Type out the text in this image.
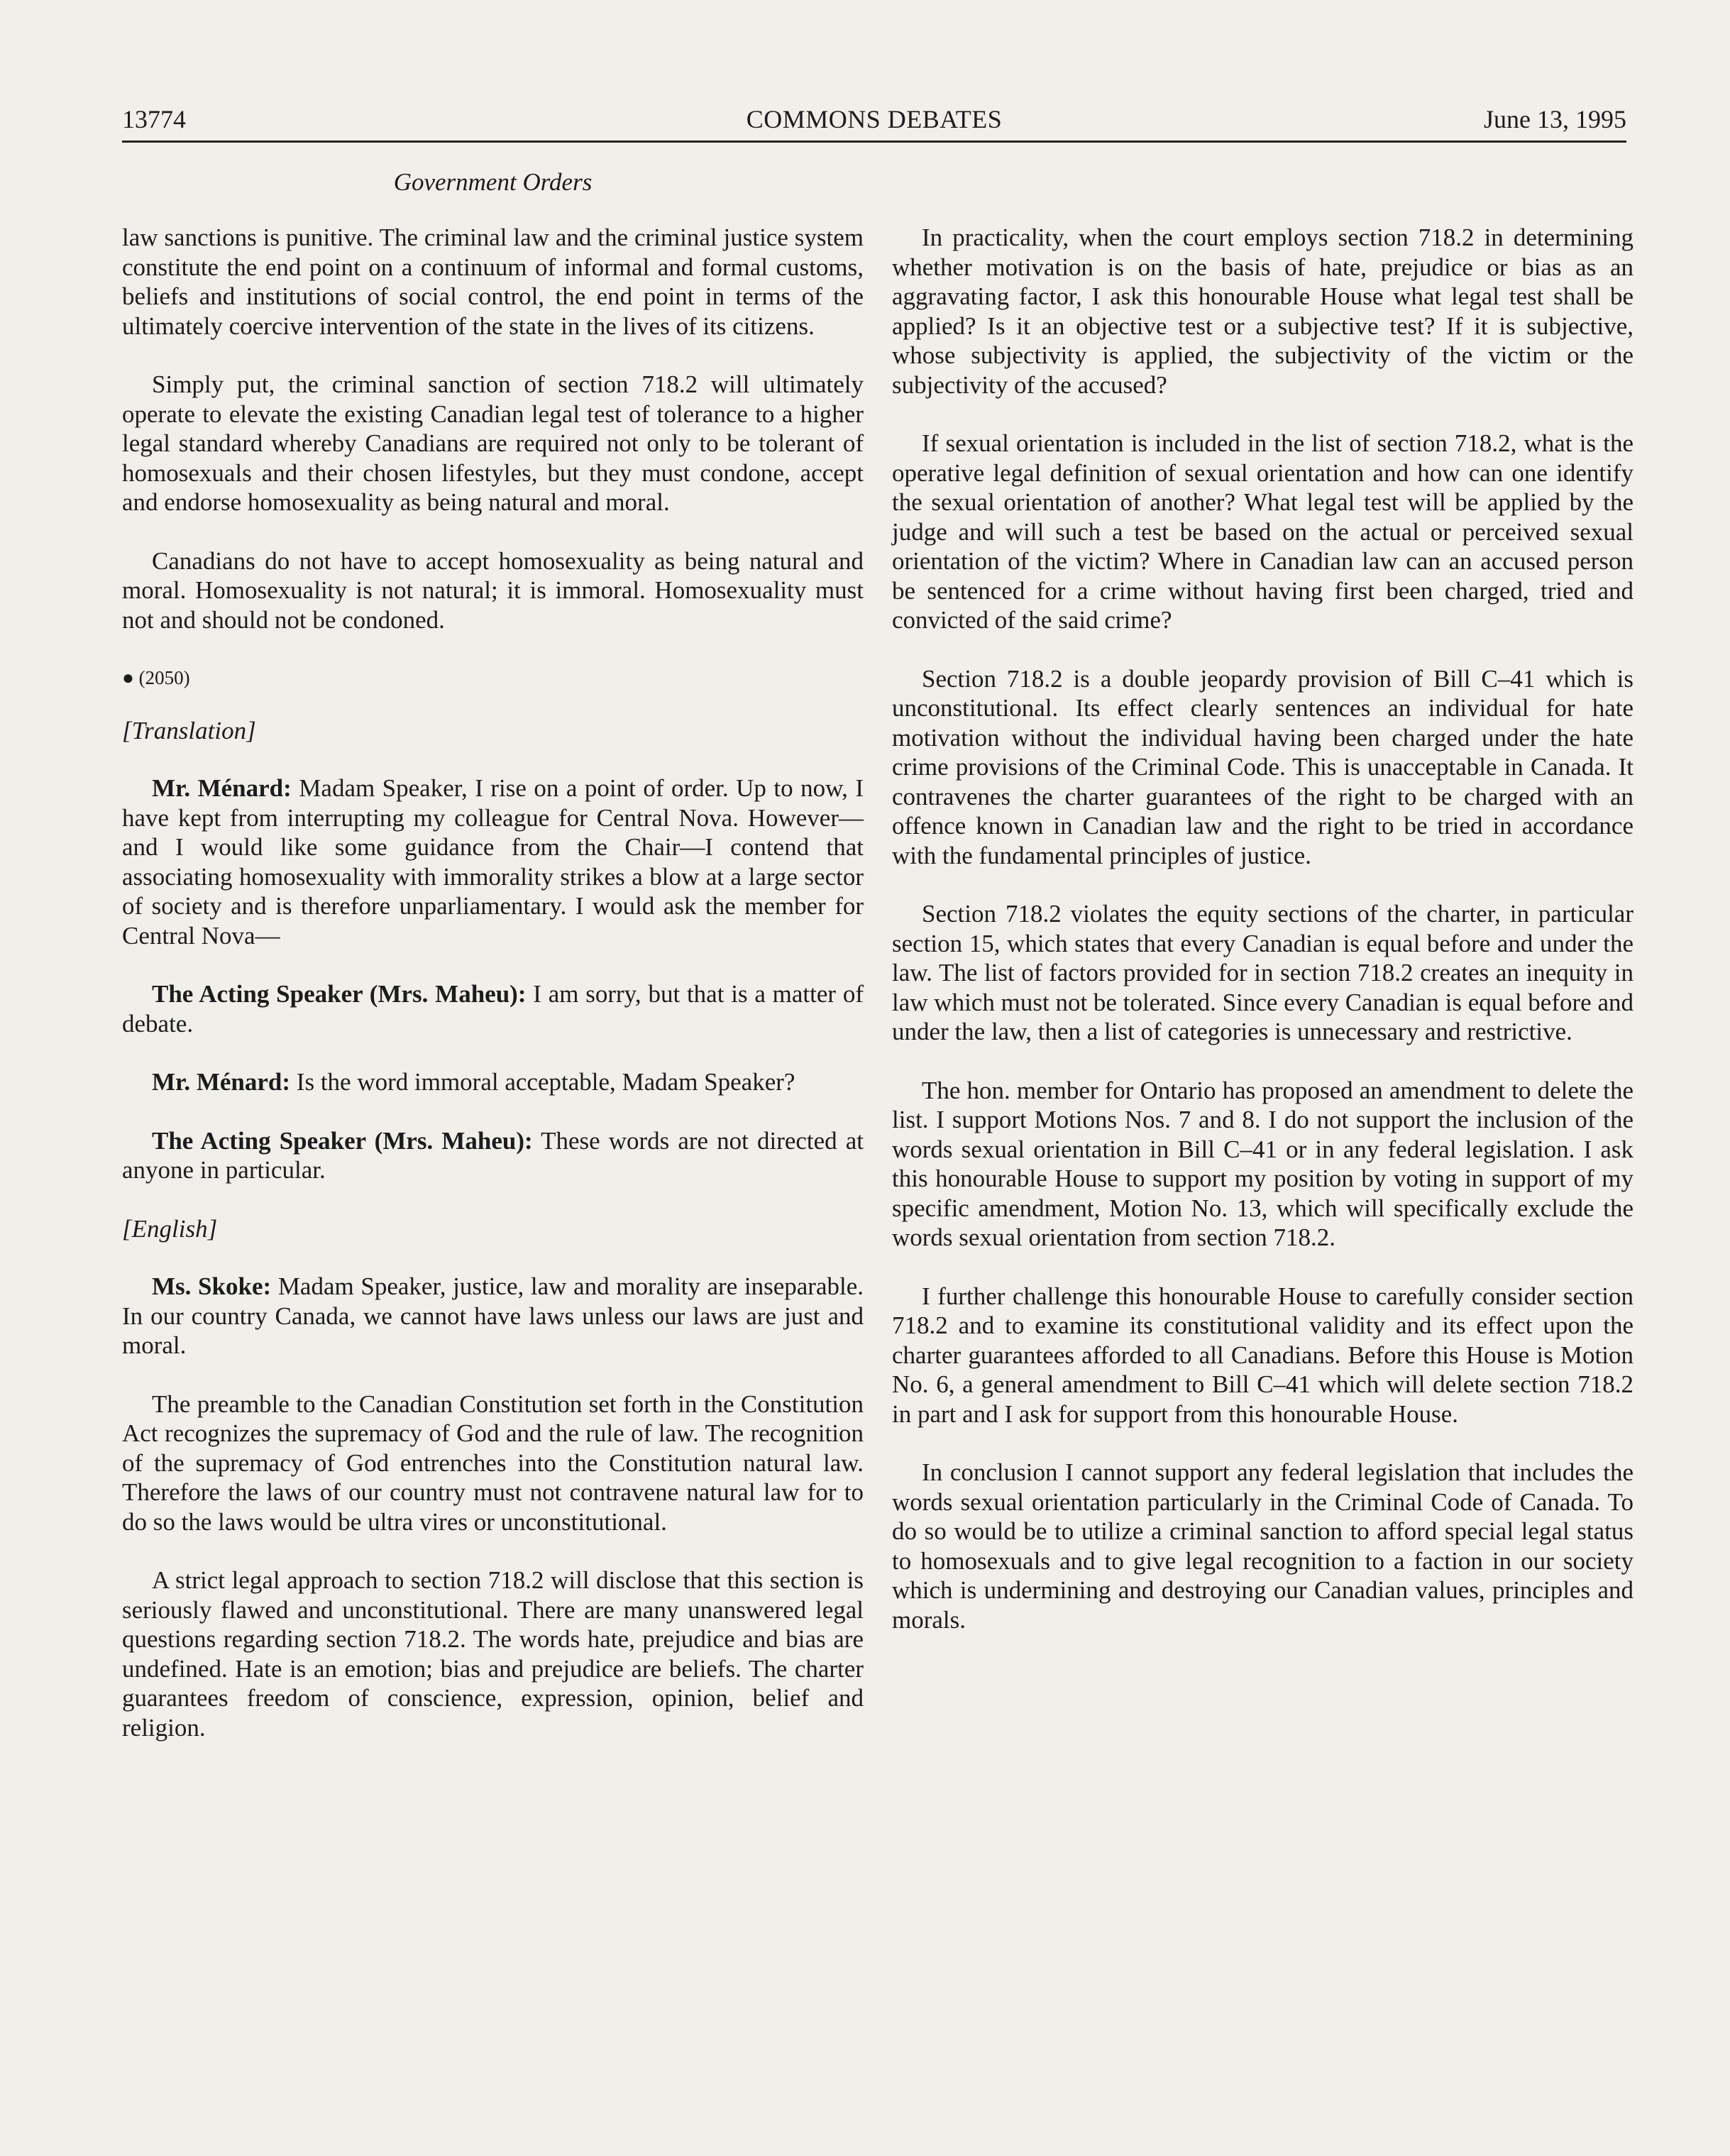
13774	COMMONS DEBATES	June 13, 1995
Government Orders

law sanctions is punitive. The criminal law and the criminal justice system constitute the end point on a continuum of informal and formal customs, beliefs and institutions of social control, the end point in terms of the ultimately coercive intervention of the state in the lives of its citizens.

Simply put, the criminal sanction of section 718.2 will ultimately operate to elevate the existing Canadian legal test of tolerance to a higher legal standard whereby Canadians are required not only to be tolerant of homosexuals and their chosen lifestyles, but they must condone, accept and endorse homosexuality as being natural and moral.

Canadians do not have to accept homosexuality as being natural and moral. Homosexuality is not natural; it is immoral. Homosexuality must not and should not be condoned.

● (2050)

[Translation]

Mr. Ménard: Madam Speaker, I rise on a point of order. Up to now, I have kept from interrupting my colleague for Central Nova. However—and I would like some guidance from the Chair—I contend that associating homosexuality with immorality strikes a blow at a large sector of society and is therefore unparliamentary. I would ask the member for Central Nova—

The Acting Speaker (Mrs. Maheu): I am sorry, but that is a matter of debate.

Mr. Ménard: Is the word immoral acceptable, Madam Speaker?

The Acting Speaker (Mrs. Maheu): These words are not directed at anyone in particular.

[English]

Ms. Skoke: Madam Speaker, justice, law and morality are inseparable. In our country Canada, we cannot have laws unless our laws are just and moral.

The preamble to the Canadian Constitution set forth in the Constitution Act recognizes the supremacy of God and the rule of law. The recognition of the supremacy of God entrenches into the Constitution natural law. Therefore the laws of our country must not contravene natural law for to do so the laws would be ultra vires or unconstitutional.

A strict legal approach to section 718.2 will disclose that this section is seriously flawed and unconstitutional. There are many unanswered legal questions regarding section 718.2. The words hate, prejudice and bias are undefined. Hate is an emotion; bias and prejudice are beliefs. The charter guarantees freedom of conscience, expression, opinion, belief and religion.

In practicality, when the court employs section 718.2 in determining whether motivation is on the basis of hate, prejudice or bias as an aggravating factor, I ask this honourable House what legal test shall be applied? Is it an objective test or a subjective test? If it is subjective, whose subjectivity is applied, the subjectivity of the victim or the subjectivity of the accused?

If sexual orientation is included in the list of section 718.2, what is the operative legal definition of sexual orientation and how can one identify the sexual orientation of another? What legal test will be applied by the judge and will such a test be based on the actual or perceived sexual orientation of the victim? Where in Canadian law can an accused person be sentenced for a crime without having first been charged, tried and convicted of the said crime?

Section 718.2 is a double jeopardy provision of Bill C–41 which is unconstitutional. Its effect clearly sentences an individual for hate motivation without the individual having been charged under the hate crime provisions of the Criminal Code. This is unacceptable in Canada. It contravenes the charter guarantees of the right to be charged with an offence known in Canadian law and the right to be tried in accordance with the fundamental principles of justice.

Section 718.2 violates the equity sections of the charter, in particular section 15, which states that every Canadian is equal before and under the law. The list of factors provided for in section 718.2 creates an inequity in law which must not be tolerated. Since every Canadian is equal before and under the law, then a list of categories is unnecessary and restrictive.

The hon. member for Ontario has proposed an amendment to delete the list. I support Motions Nos. 7 and 8. I do not support the inclusion of the words sexual orientation in Bill C–41 or in any federal legislation. I ask this honourable House to support my position by voting in support of my specific amendment, Motion No. 13, which will specifically exclude the words sexual orientation from section 718.2.

I further challenge this honourable House to carefully consider section 718.2 and to examine its constitutional validity and its effect upon the charter guarantees afforded to all Canadians. Before this House is Motion No. 6, a general amendment to Bill C–41 which will delete section 718.2 in part and I ask for support from this honourable House.

In conclusion I cannot support any federal legislation that includes the words sexual orientation particularly in the Criminal Code of Canada. To do so would be to utilize a criminal sanction to afford special legal status to homosexuals and to give legal recognition to a faction in our society which is undermining and destroying our Canadian values, principles and morals.
